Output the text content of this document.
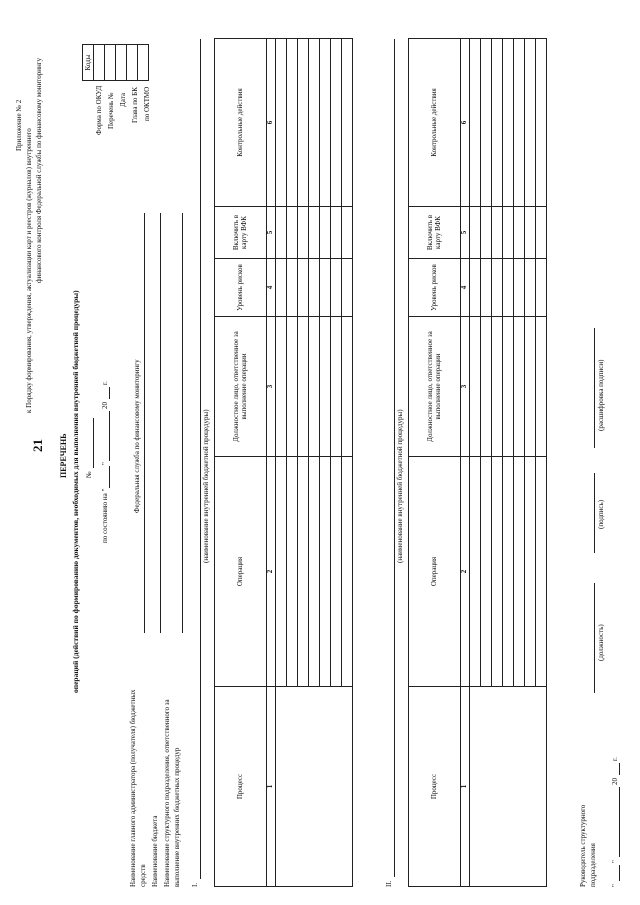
21
Приложение № 2
к Порядку формирования, утверждения, актуализации карт и реестров (журналов) внутреннего финансового контроля Федеральной службы по финансовому мониторингу
ПЕРЕЧЕНЬ операций (действий по формированию документов, необходимых для выполнения внутренней бюджетной процедуры) №
по состоянию на "
"
20
г.
Коды

Форма по ОКУД Перечень № Дата Глава по БК по ОКТМО
Наименование главного администратора (получателя) бюджетных средств
Федеральная служба по финансовому мониторингу
Наименование бюджета Наименование структурного подразделения, ответственного за выполнение внутренних бюджетных процедур I.
(наименование внутренней бюджетной процедуры)
Процесс	Операция	Должностное лицо, ответственное за выполнение операции	Уровень рисков	Включить в карту ВФК	Контрольные действия
1	2	3	4	5	6

II.
(наименование внутренней бюджетной процедуры)
Процесс	Операция	Должностное лицо, ответственное за выполнение операции	Уровень рисков	Включить в карту ВФК	Контрольные действия
1	2	3	4	5	6

Руководитель структурного подразделения
(должность)
(подпись)
(расшифровка подписи)
"
"
20
г.
